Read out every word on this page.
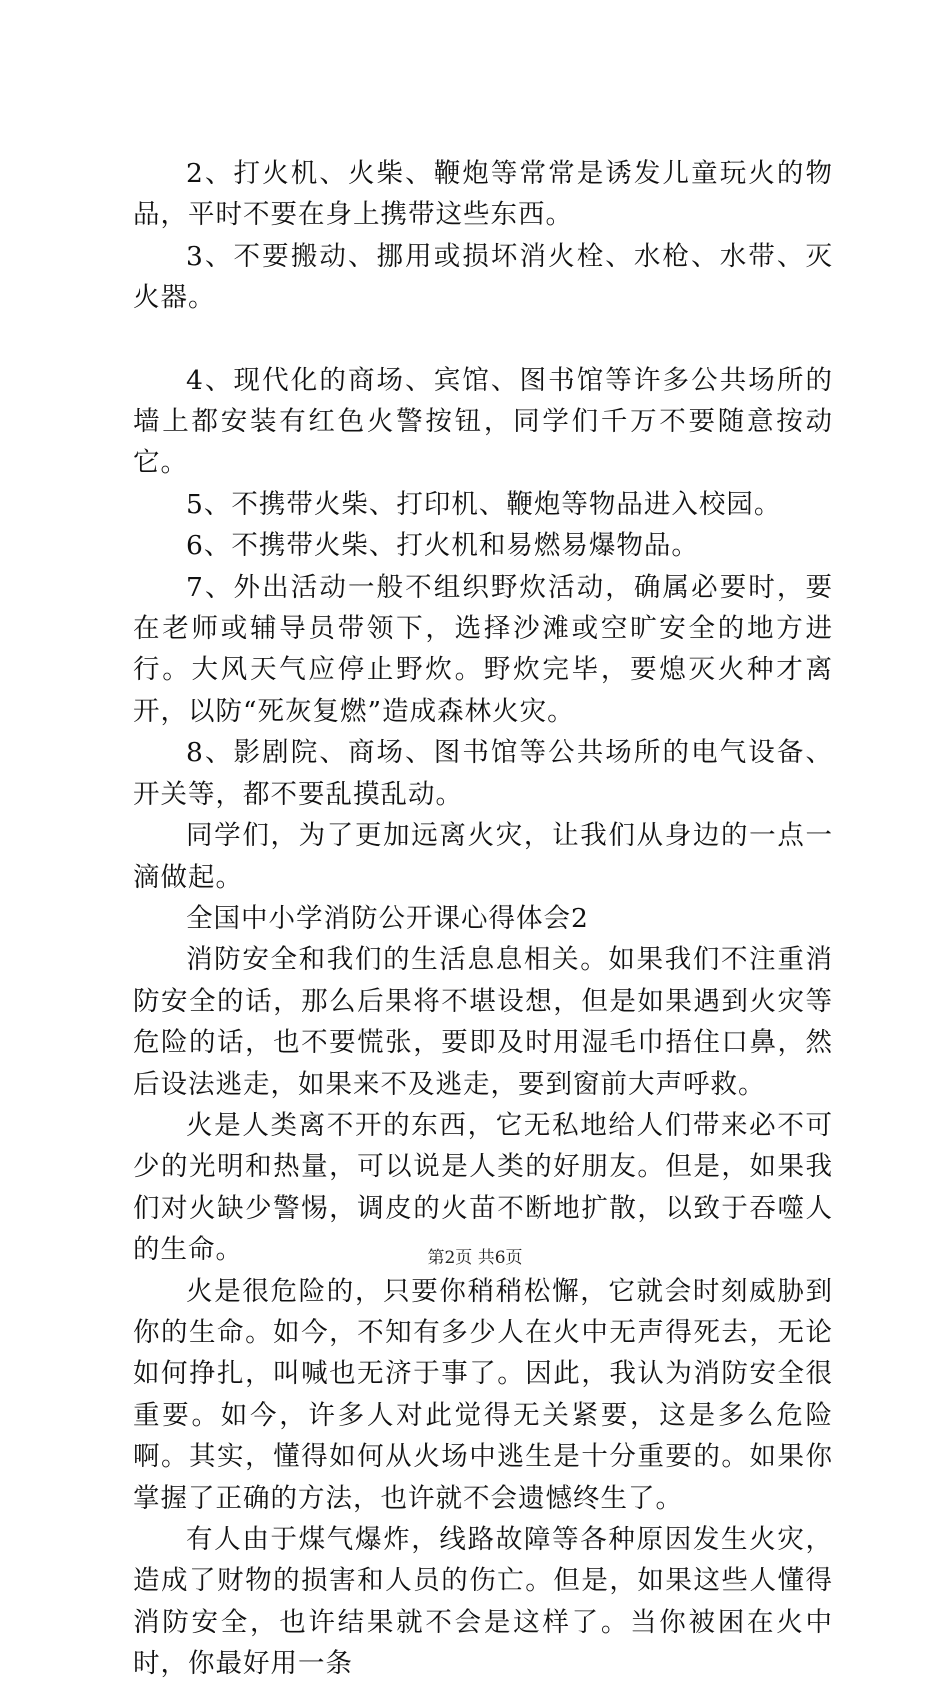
2、打火机、火柴、鞭炮等常常是诱发儿童玩火的物品，平时不要在身上携带这些东西。

3、不要搬动、挪用或损坏消火栓、水枪、水带、灭火器。

4、现代化的商场、宾馆、图书馆等许多公共场所的墙上都安装有红色火警按钮，同学们千万不要随意按动它。

5、不携带火柴、打印机、鞭炮等物品进入校园。

6、不携带火柴、打火机和易燃易爆物品。

7、外出活动一般不组织野炊活动，确属必要时，要在老师或辅导员带领下，选择沙滩或空旷安全的地方进行。大风天气应停止野炊。野炊完毕，要熄灭火种才离开，以防“死灰复燃”造成森林火灾。

8、影剧院、商场、图书馆等公共场所的电气设备、开关等，都不要乱摸乱动。

同学们，为了更加远离火灾，让我们从身边的一点一滴做起。

全国中小学消防公开课心得体会2

消防安全和我们的生活息息相关。如果我们不注重消防安全的话，那么后果将不堪设想，但是如果遇到火灾等危险的话，也不要慌张，要即及时用湿毛巾捂住口鼻，然后设法逃走，如果来不及逃走，要到窗前大声呼救。

火是人类离不开的东西，它无私地给人们带来必不可少的光明和热量，可以说是人类的好朋友。但是，如果我们对火缺少警惕，调皮的火苗不断地扩散，以致于吞噬人的生命。

火是很危险的，只要你稍稍松懈，它就会时刻威胁到你的生命。如今，不知有多少人在火中无声得死去，无论如何挣扎，叫喊也无济于事了。因此，我认为消防安全很重要。如今，许多人对此觉得无关紧要，这是多么危险啊。其实，懂得如何从火场中逃生是十分重要的。如果你掌握了正确的方法，也许就不会遗憾终生了。

有人由于煤气爆炸，线路故障等各种原因发生火灾，造成了财物的损害和人员的伤亡。但是，如果这些人懂得消防安全，也许结果就不会是这样了。当你被困在火中时，你最好用一条

第2页 共6页
